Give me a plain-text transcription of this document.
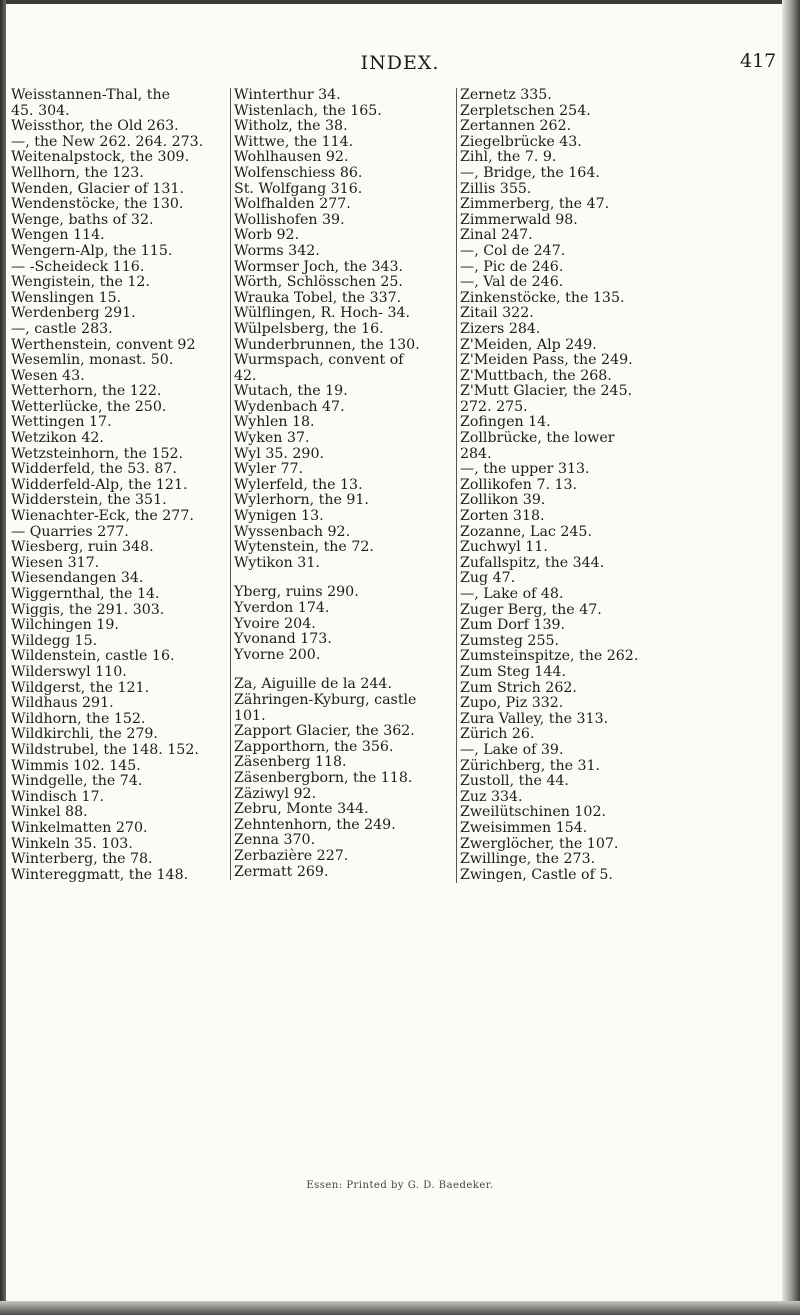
INDEX.	417
Weisstannen-Thal, the
45. 304.
Weissthor, the Old 263.
—, the New 262. 264. 273.
Weitenalpstock, the 309.
Wellhorn, the 123.
Wenden, Glacier of 131.
Wendenstöcke, the 130.
Wenge, baths of 32.
Wengen 114.
Wengern-Alp, the 115.
— -Scheideck 116.
Wengistein, the 12.
Wenslingen 15.
Werdenberg 291.
—, castle 283.
Werthenstein, convent 92
Wesemlin, monast. 50.
Wesen 43.
Wetterhorn, the 122.
Wetterlücke, the 250.
Wettingen 17.
Wetzikon 42.
Wetzsteinhorn, the 152.
Widderfeld, the 53. 87.
Widderfeld-Alp, the 121.
Widderstein, the 351.
Wienachter-Eck, the 277.
— Quarries 277.
Wiesberg, ruin 348.
Wiesen 317.
Wiesendangen 34.
Wiggernthal, the 14.
Wiggis, the 291. 303.
Wilchingen 19.
Wildegg 15.
Wildenstein, castle 16.
Wilderswyl 110.
Wildgerst, the 121.
Wildhaus 291.
Wildhorn, the 152.
Wildkirchli, the 279.
Wildstrubel, the 148. 152.
Wimmis 102. 145.
Windgelle, the 74.
Windisch 17.
Winkel 88.
Winkelmatten 270.
Winkeln 35. 103.
Winterberg, the 78.
Wintereggmatt, the 148.
Winterthur 34.
Wistenlach, the 165.
Witholz, the 38.
Wittwe, the 114.
Wohlhausen 92.
Wolfenschiess 86.
St. Wolfgang 316.
Wolfhalden 277.
Wollishofen 39.
Worb 92.
Worms 342.
Wormser Joch, the 343.
Wörth, Schlösschen 25.
Wrauka Tobel, the 337.
Wülflingen, R. Hoch- 34.
Wülpelsberg, the 16.
Wunderbrunnen, the 130.
Wurmspach, convent of
42.
Wutach, the 19.
Wydenbach 47.
Wyhlen 18.
Wyken 37.
Wyl 35. 290.
Wyler 77.
Wylerfeld, the 13.
Wylerhorn, the 91.
Wynigen 13.
Wyssenbach 92.
Wytenstein, the 72.
Wytikon 31.
Yberg, ruins 290.
Yverdon 174.
Yvoire 204.
Yvonand 173.
Yvorne 200.
Za, Aiguille de la 244.
Zähringen-Kyburg, castle
101.
Zapport Glacier, the 362.
Zapporthorn, the 356.
Zäsenberg 118.
Zäsenbergborn, the 118.
Zäziwyl 92.
Zebru, Monte 344.
Zehntenhorn, the 249.
Zenna 370.
Zerbazière 227.
Zermatt 269.
Zernetz 335.
Zerpletschen 254.
Zertannen 262.
Ziegelbrücke 43.
Zihl, the 7. 9.
—, Bridge, the 164.
Zillis 355.
Zimmerberg, the 47.
Zimmerwald 98.
Zinal 247.
—, Col de 247.
—, Pic de 246.
—, Val de 246.
Zinkenstöcke, the 135.
Zitail 322.
Zizers 284.
Z'Meiden, Alp 249.
Z'Meiden Pass, the 249.
Z'Muttbach, the 268.
Z'Mutt Glacier, the 245.
272. 275.
Zofingen 14.
Zollbrücke, the lower
284.
—, the upper 313.
Zollikofen 7. 13.
Zollikon 39.
Zorten 318.
Zozanne, Lac 245.
Zuchwyl 11.
Zufallspitz, the 344.
Zug 47.
—, Lake of 48.
Zuger Berg, the 47.
Zum Dorf 139.
Zumsteg 255.
Zumsteinspitze, the 262.
Zum Steg 144.
Zum Strich 262.
Zupo, Piz 332.
Zura Valley, the 313.
Zürich 26.
—, Lake of 39.
Zürichberg, the 31.
Zustoll, the 44.
Zuz 334.
Zweilütschinen 102.
Zweisimmen 154.
Zwerglöcher, the 107.
Zwillinge, the 273.
Zwingen, Castle of 5.
Essen: Printed by G. D. Baedeker.
